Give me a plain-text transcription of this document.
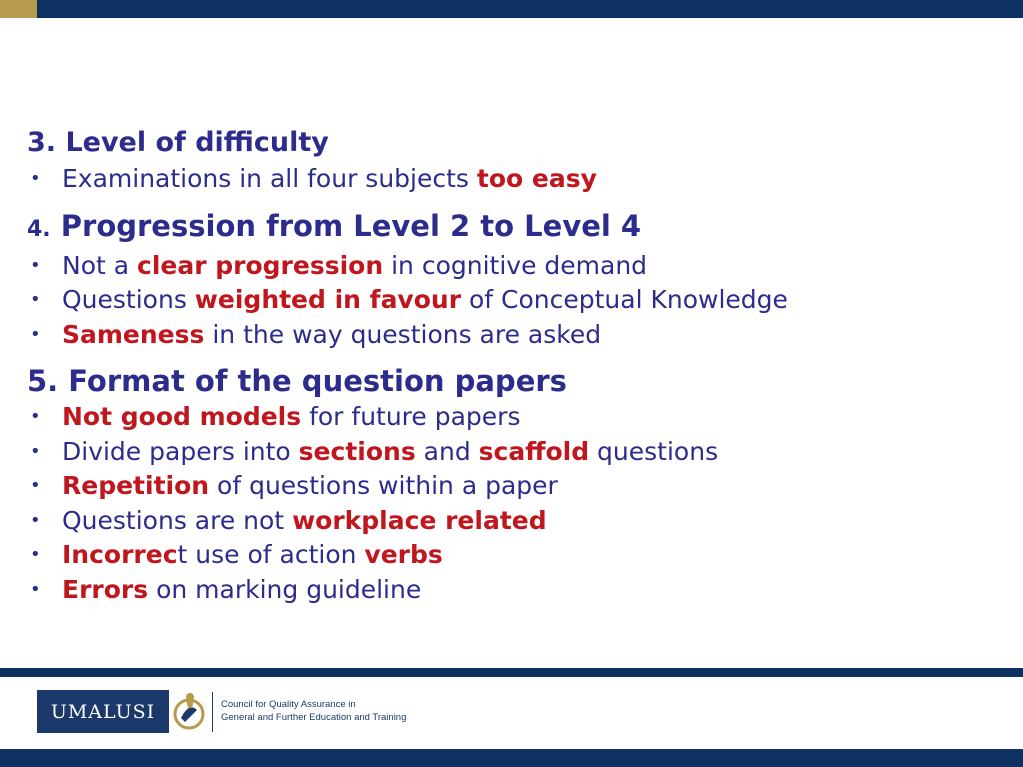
3. Level of difficulty
• Examinations in all four subjects too easy
4. Progression from Level 2 to Level 4
• Not a clear progression in cognitive demand
• Questions weighted in favour of Conceptual Knowledge
• Sameness in the way questions are asked
5. Format of the question papers
• Not good models for future papers
• Divide papers into sections and scaffold questions
• Repetition of questions within a paper
• Questions are not workplace related
• Incorrect use of action verbs
• Errors on marking guideline
UMALUSI	Council for Quality Assurance in
General and Further Education and Training
